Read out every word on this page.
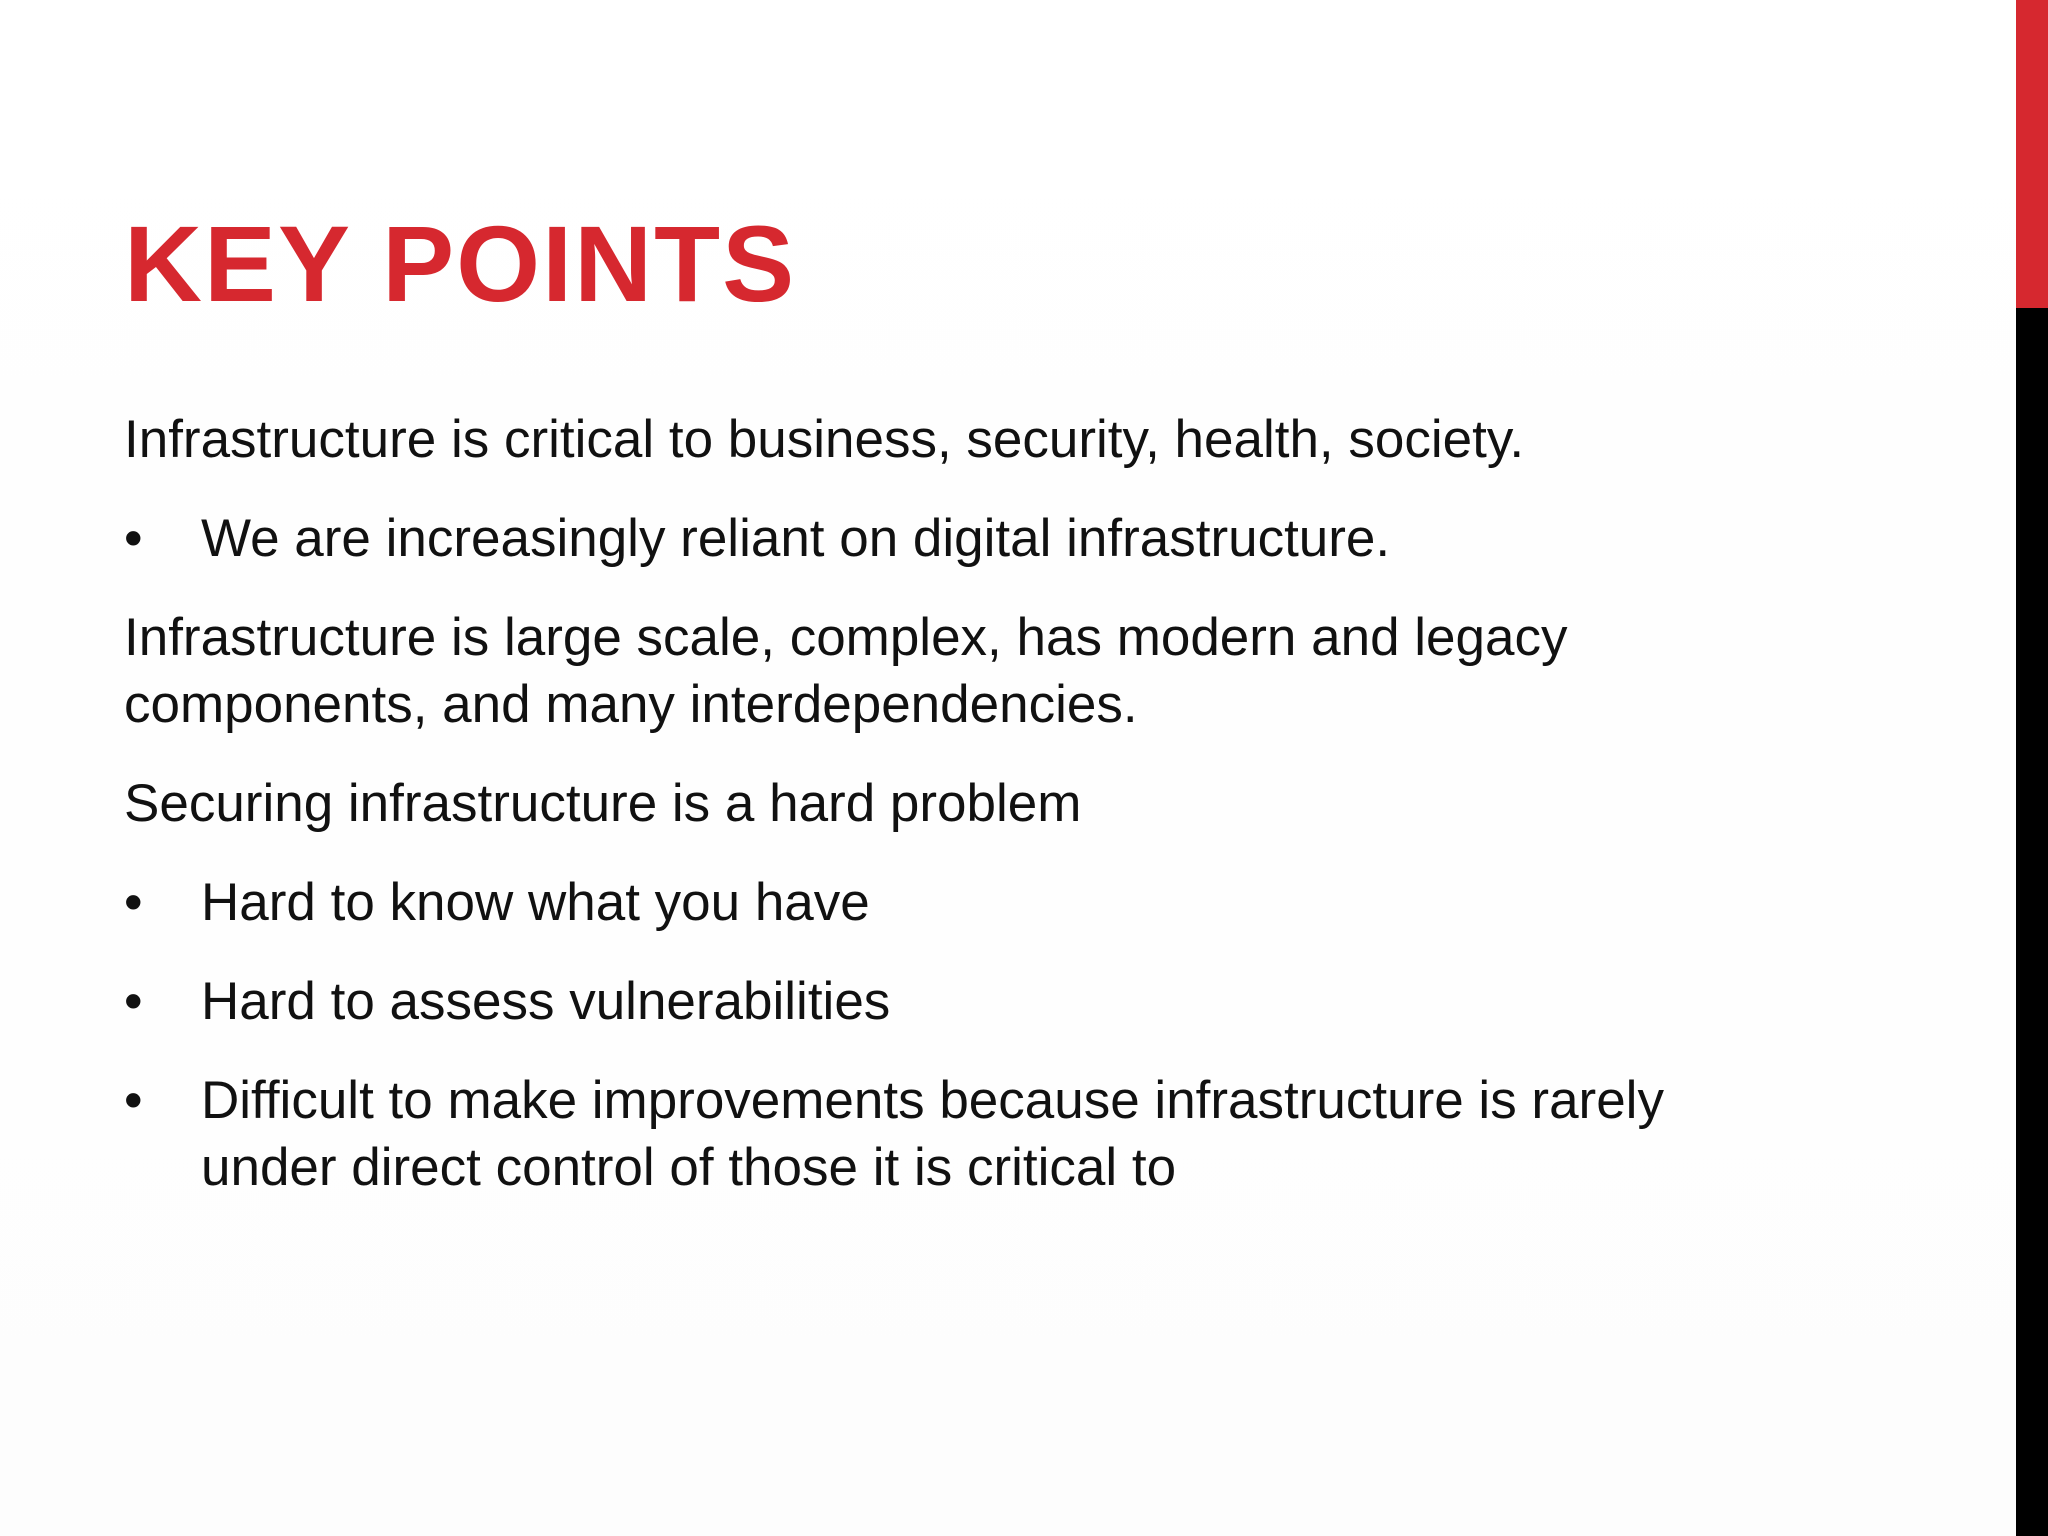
KEY POINTS

Infrastructure is critical to business, security, health, society.

•	We are increasingly reliant on digital infrastructure.

Infrastructure is large scale, complex, has modern and legacy
components, and many interdependencies.

Securing infrastructure is a hard problem

•	Hard to know what you have
•	Hard to assess vulnerabilities
•	Difficult to make improvements because infrastructure is rarely
under direct control of those it is critical to
